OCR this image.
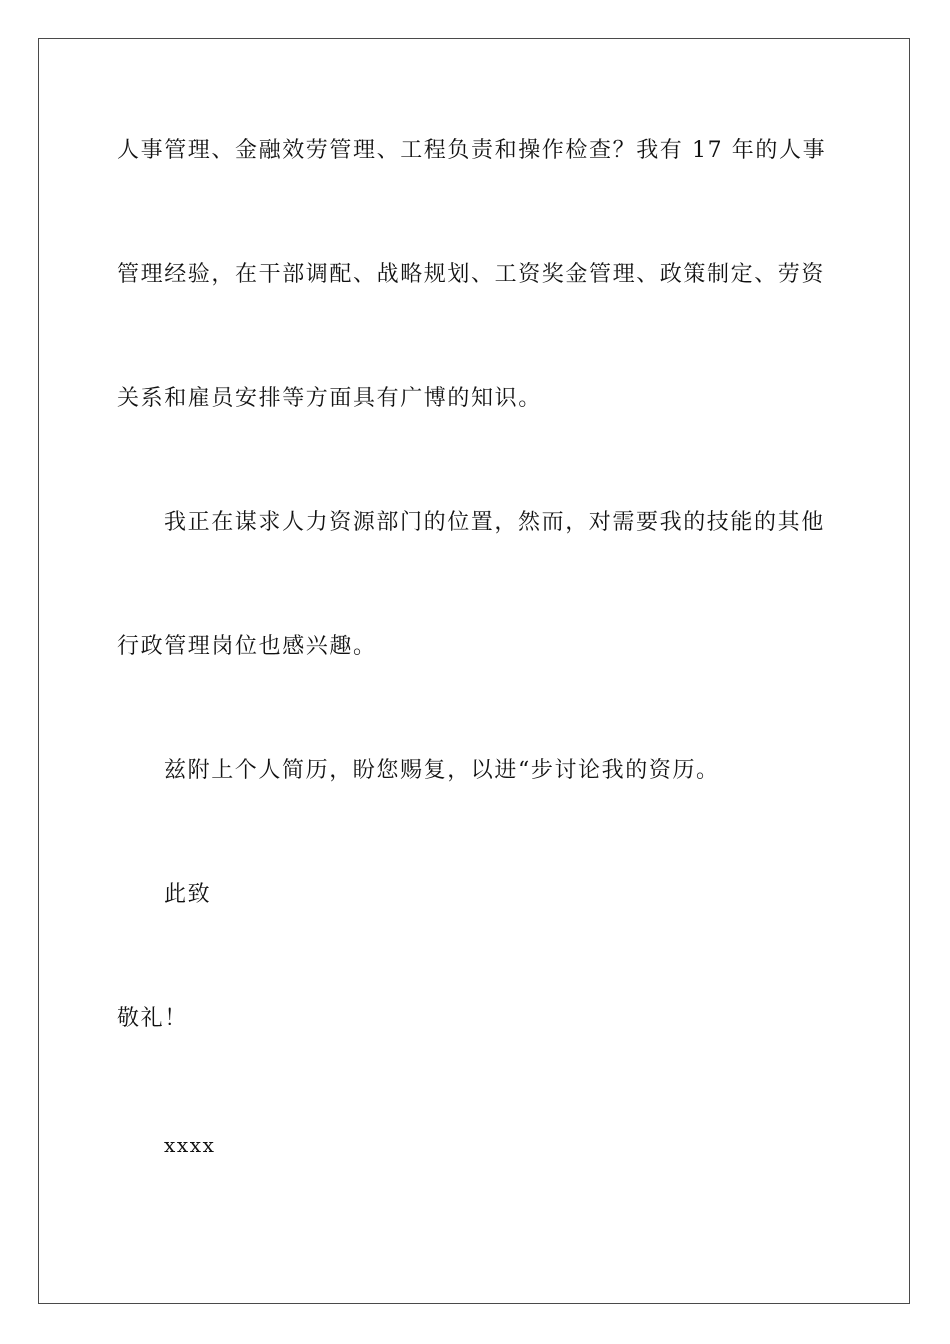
人事管理、金融效劳管理、工程负责和操作检查？我有 17 年的人事
管理经验，在干部调配、战略规划、工资奖金管理、政策制定、劳资
关系和雇员安排等方面具有广博的知识。
我正在谋求人力资源部门的位置，然而，对需要我的技能的其他
行政管理岗位也感兴趣。
兹附上个人简历，盼您赐复，以进“步讨论我的资历。
此致
敬礼！
xxxx
